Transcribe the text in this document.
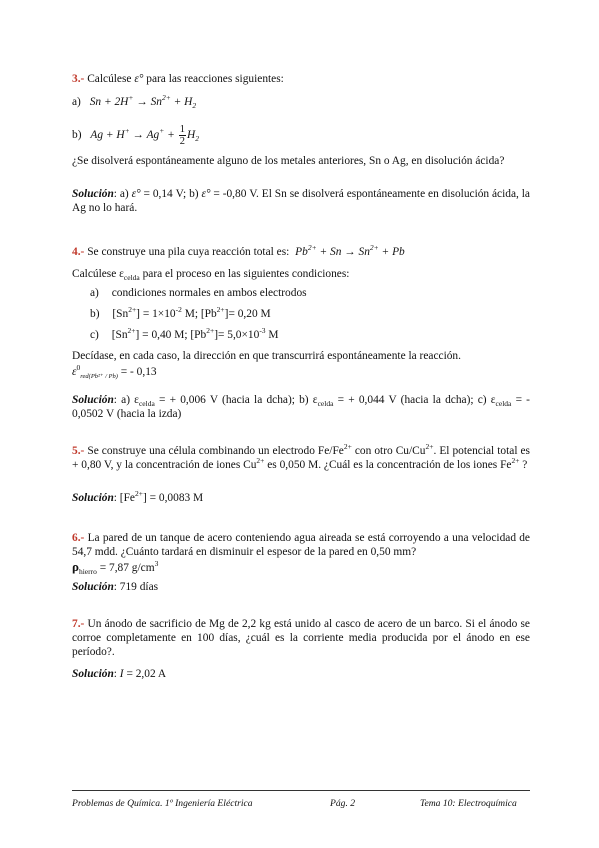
3.- Calcúlese ε° para las reacciones siguientes:
a) $Sn + 2H^+ \to Sn^{2+} + H_2$
b) $Ag + H^+ \to Ag^+ + \frac{1}{2} H_2$
¿Se disolverá espontáneamente alguno de los metales anteriores, Sn o Ag, en disolución ácida?
Solución: a) ε° = 0,14 V; b) ε° = -0,80 V. El Sn se disolverá espontáneamente en disolución ácida, la Ag no lo hará.
4.- Se construye una pila cuya reacción total es: $Pb^{2+} + Sn \to Sn^{2+} + Pb$
Calcúlese $\varepsilon_{celda}$ para el proceso en las siguientes condiciones:
a) condiciones normales en ambos electrodos
b) $[Sn^{2+}] = 1\times 10^{-2}$ M; $[Pb^{2+}]= 0,20$ M
c) $[Sn^{2+}] = 0,40$ M; $[Pb^{2+}]= 5,0\times 10^{-3}$ M
Decídase, en cada caso, la dirección en que transcurrirá espontáneamente la reacción.
$\varepsilon^0_{red(Pb^{2+} / Pb)}$ = - 0,13
Solución: a) $\varepsilon_{celda}$ = + 0,006 V (hacia la dcha); b) $\varepsilon_{celda}$ = + 0,044 V (hacia la dcha); c) $\varepsilon_{celda}$ = - 0,0502 V (hacia la izda)
5.- Se construye una célula combinando un electrodo $Fe/Fe^{2+}$ con otro $Cu/Cu^{2+}$. El potencial total es + 0,80 V, y la concentración de iones $Cu^{2+}$ es 0,050 M. ¿Cuál es la concentración de los iones $Fe^{2+}$ ?
Solución: $[Fe^{2+}] = 0,0083$ M
6.- La pared de un tanque de acero conteniendo agua aireada se está corroyendo a una velocidad de 54,7 mdd. ¿Cuánto tardará en disminuir el espesor de la pared en 0,50 mm?
$\rho_{hierro} = 7,87$ $g/cm^3$
Solución: 719 días
7.- Un ánodo de sacrificio de Mg de 2,2 kg está unido al casco de acero de un barco. Si el ánodo se corroe completamente en 100 días, ¿cuál es la corriente media producida por el ánodo en ese período?.
Solución: I = 2,02 A
Problemas de Química. 1º Ingeniería Eléctrica	Pág. 2	Tema 10: Electroquímica
